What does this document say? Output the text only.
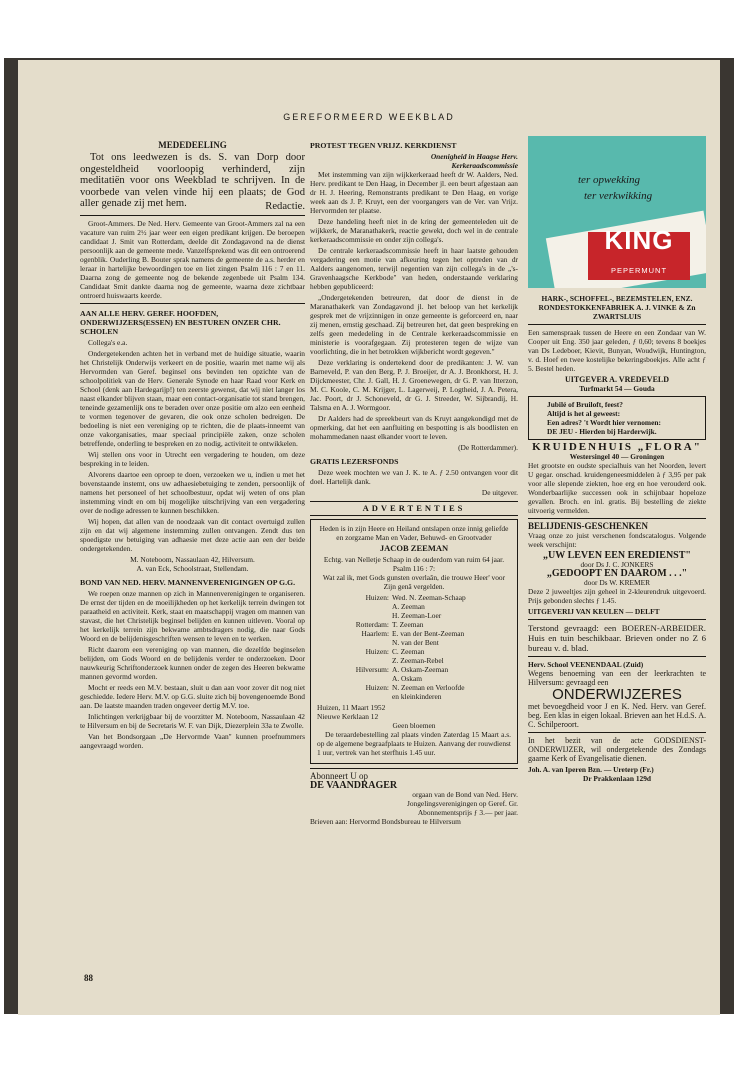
GEREFORMEERD WEEKBLAD
MEDEDEELING

Tot ons leedwezen is ds. S. van Dorp door ongesteldheid voorloopig verhinderd, zijn meditatiën voor ons Weekblad te schrijven. In de voorbede van velen vinde hij een plaats; de God aller genade zij met hem.	Redactie.

Groot-Ammers. De Ned. Herv. Gemeente van Groot-Ammers zal na een vacature van ruim 2½ jaar weer een eigen predikant krijgen. De beroepen candidaat J. Smit van Rotterdam, deelde dit Zondagavond na de dienst persoonlijk aan de gemeente mede. Vanzelfsprekend was dit een ontroerend ogenblik. Ouderling B. Bouter sprak namens de gemeente de a.s. herder en leraar in hartelijke bewoordingen toe en liet zingen Psalm 116 : 7 en 11. Daarna zong de gemeente nog de bekende zegenbede uit Psalm 134. Candidaat Smit dankte daarna nog de gemeente, waarna deze zichtbaar ontroerd huiswaarts keerde.

AAN ALLE HERV. GEREF. HOOFDEN, ONDERWIJZERS(ESSEN) EN BESTUREN ONZER CHR. SCHOLEN

Collega's e.a.

Ondergetekenden achten het in verband met de huidige situatie, waarin het Christelijk Onderwijs verkeert en de positie, waarin met name wij als Hervormden van Geref. beginsel ons bevinden ten opzichte van de schoolpolitiek van de Herv. Generale Synode en haar Raad voor Kerk en School (denk aan Hardegarijp!) ten zeerste gewenst, dat wij niet langer los naast elkander blijven staan, maar een contact-organisatie tot stand brengen, teneinde gezamenlijk ons te beraden over onze positie om alzo een eenheid te vormen tegenover de gevaren, die ook onze scholen bedreigen. De bedoeling is niet een vereniging op te richten, die de plaats-inneemt van onze vakorganisaties, maar speciaal principiële zaken, onze scholen betreffende, onderling te bespreken en zo nodig, activiteit te ontwikkelen.

Wij stellen ons voor in Utrecht een vergadering te houden, om deze bespreking in te leiden.

Alvorens daartoe een oproep te doen, verzoeken we u, indien u met het bovenstaande instemt, ons uw adhaesiebetuiging te zenden, persoonlijk of namens het personeel of het schoolbestuur, opdat wij weten of ons plan instemming vindt en om bij mogelijke uitschrijving van een vergadering over de nodige adressen te kunnen beschikken.

Wij hopen, dat allen van de noodzaak van dit contact overtuigd zullen zijn en dat wij algemene instemming zullen ontvangen. Zendt dus ten spoedigste uw betuiging van adhaesie met deze actie aan een der beide ondergetekenden.

M. Noteboom, Nassaulaan 42, Hilversum.
A. van Eck, Schoolstraat, Stellendam.
BOND VAN NED. HERV. MANNENVERENIGINGEN OP G.G.

We roepen onze mannen op zich in Mannenverenigingen te organiseren. De ernst der tijden en de moeilijkheden op het kerkelijk terrein dwingen tot paraatheid en activiteit. Kerk, staat en maatschappij vragen om mannen van stavast, die het Christelijk beginsel belijden en kunnen uitleven. Vooral op het kerkelijk terrein zijn bekwame ambtsdragers nodig, die naar Gods Woord en de belijdenisgeschriften wensen te leven en te werken.

Richt daarom een vereniging op van mannen, die dezelfde beginselen belijden, om Gods Woord en de belijdenis verder te onderzoeken. Door nauwkeurig Schriftonderzoek kunnen onder de zegen des Heeren bekwame mannen gevormd worden.

Mocht er reeds een M.V. bestaan, sluit u dan aan voor zover dit nog niet geschiedde. Iedere Herv. M.V. op G.G. sluite zich bij bovengenoemde Bond aan. De laatste maanden traden ongeveer dertig M.V. toe.

Inlichtingen verkrijgbaar bij de voorzitter M. Noteboom, Nassaulaan 42 te Hilversum en bij de Secretaris W. F. van Dijk, Diezerplein 33a te Zwolle.

Van het Bondsorgaan „De Hervormde Vaan" kunnen proefnummers aangevraagd worden.

PROTEST TEGEN VRIJZ. KERKDIENST
Onenigheid in Haagse Herv.
Kerkeraadscommissie

Met instemming van zijn wijkkerkeraad heeft dr W. Aalders, Ned. Herv. predikant te Den Haag, in December jl. een beurt afgestaan aan dr H. J. Heering, Remonstrants predikant te Den Haag, en vorige week aan ds J. P. Kruyt, een der voorgangers van de Ver. van Vrijz. Hervormden ter plaatse.

Deze handeling heeft niet in de kring der gemeenteleden uit de wijkkerk, de Maranathakerk, reactie gewekt, doch wel in de centrale kerkeraadscommissie en onder zijn collega's.

De centrale kerkeraadscommissie heeft in haar laatste gehouden vergadering een motie van afkeuring tegen het optreden van dr Aalders aangenomen, terwijl negentien van zijn collega's in de „'s-Gravenhaagsche Kerkbode" van heden, onderstaande verklaring hebben gepubliceerd:

„Ondergetekenden betreuren, dat door de dienst in de Maranathakerk van Zondagavond jl. het beloop van het kerkelijk gesprek met de vrijzinnigen in onze gemeente is geforceerd en, naar zij menen, ernstig geschaad. Zij betreuren het, dat geen bespreking en zelfs geen mededeling in de Centrale kerkeraadscommissie en ministerie is voorafgegaan. Zij protesteren tegen de wijze van voorlichting, die in het betrokken wijkbericht wordt gegeven."

Deze verklaring is ondertekend door de predikanten: J. W. van Barneveld, P. van den Berg, P. J. Broeijer, dr A. J. Bronkhorst, H. J. Dijckmeester, Chr. J. Gall, H. J. Groenewegen, dr G. P. van Itterzon, M. C. Koole, C. M. Krijger, L. Lagerweij, P. Logtheid, J. A. Petera, Jac. Poort, dr J. Schoneveld, dr G. J. Streeder, W. Sijbrandij, H. Talsma en A. J. Wormgoor.

Dr Aalders had de spreekbeurt van ds Kruyt aangekondigd met de opmerking, dat het een aanfluiting en bespotting is als boodlisten en mohammedanen naast elkander voort te leven.

(De Rotterdammer).
GRATIS LEZERSFONDS

Deze week mochten we van J. K. te A. ƒ 2.50 ontvangen voor dit doel. Hartelijk dank.

De uitgever.
ADVERTENTIES
Heden is in zijn Heere en Heiland ontslapen onze innig geliefde en zorgzame Man en Vader, Behuwd- en Grootvader
JACOB ZEEMAN
Echtg. van Nelletje Schaap in de ouderdom van ruim 64 jaar.
Psalm 116 : 7:
Wat zal ik, met Gods gunsten overlaân, die trouwe Heer' voor Zijn genâ vergelden.
Huizen: Wed. N. Zeeman-Schaap
A. Zeeman
H. Zeeman-Loer
Rotterdam: T. Zeeman
Haarlem: E. van der Bent-Zeeman
N. van der Bent
Huizen: C. Zeeman
Z. Zeeman-Rebel
Hilversum: A. Oskam-Zeeman
A. Oskam
Huizen: N. Zeeman en Verloofde
en kleinkinderen
Huizen, 11 Maart 1952
Nieuwe Kerklaan 12
Geen bloemen

De teraardebestelling zal plaats vinden Zaterdag 15 Maart a.s. op de algemene begraafplaats te Huizen. Aanvang der rouwdienst 1 uur, vertrek van het sterfhuis 1.45 uur.

Abonneert U op
DE VAANDRAGER
orgaan van de Bond van Ned. Herv. Jongelingsverenigingen op Geref. Gr. Abonnementsprijs ƒ 3.— per jaar.
Brieven aan: Hervormd Bondsbureau te Hilversum
ter opwekking
ter verkwikking
KING
PEPERMUNT
HARK-, SCHOFFEL-, BEZEMSTELEN, ENZ. RONDESTOKKENFABRIEK A. J. VINKE & Zn ZWARTSLUIS

Een samenspraak tussen de Heere en een Zondaar van W. Cooper uit Eng. 350 jaar geleden, ƒ 0,60; tevens 8 boekjes van Ds Ledeboer, Kievit, Bunyan, Woudwijk, Huntington, v. d. Hoef en twee kostelijke bekeringsboekjes. Alle acht ƒ 5. Bestel heden.

UITGEVER A. VREDEVELD
Turfmarkt 54 — Gouda
Jubilé of Bruiloft, feest?
Altijd is het al geweest:
Een adres? 't Wordt hier vernomen:
DE JEU - Hierden bij Harderwijk.
KRUIDENHUIS „FLORA"
Westersingel 40 — Groningen

Het grootste en oudste specialhuis van het Noorden, levert U gegar. onschad. kruidengeneesmiddelen à ƒ 3,95 per pak voor alle slepende ziekten, hoe erg en hoe verouderd ook. Wonderbaarlijke successen ook in schijnbaar hopeloze gevallen. Broch. en inl. gratis. Bij bestelling de ziekte uitvoerig vermelden.

BELIJDENIS-GESCHENKEN

Vraag onze zo juist verschenen fondscatalogus. Volgende week verschijnt:

„UW LEVEN EEN EREDIENST"
door Ds J. C. JONKERS
„GEDOOPT EN DAAROM . . ."
door Ds W. KREMER

Deze 2 juweeltjes zijn geheel in 2-kleurendruk uitgevoerd. Prijs gebonden slechts ƒ 1.45.

UITGEVERIJ VAN KEULEN — DELFT

Terstond gevraagd: een BOEREN-ARBEIDER. Huis en tuin beschikbaar. Brieven onder no Z 6 bureau v. d. blad.

Herv. School VEENENDAAL (Zuid)

Wegens benoeming van een der leerkrachten te Hilversum: gevraagd een

ONDERWIJZERES

met bevoegdheid voor J en K. Ned. Herv. van Geref. beg. Een klas in eigen lokaal. Brieven aan het H.d.S. A. C. Schilperoort.

In het bezit van de acte GODSDIENST-ONDERWIJZER, wil ondergetekende des Zondags gaarne Kerk of Evangelisatie dienen.

Joh. A. van Iperen Bzn. — Ureterp (Fr.)
Dr Prakkenlaan 129d
88
